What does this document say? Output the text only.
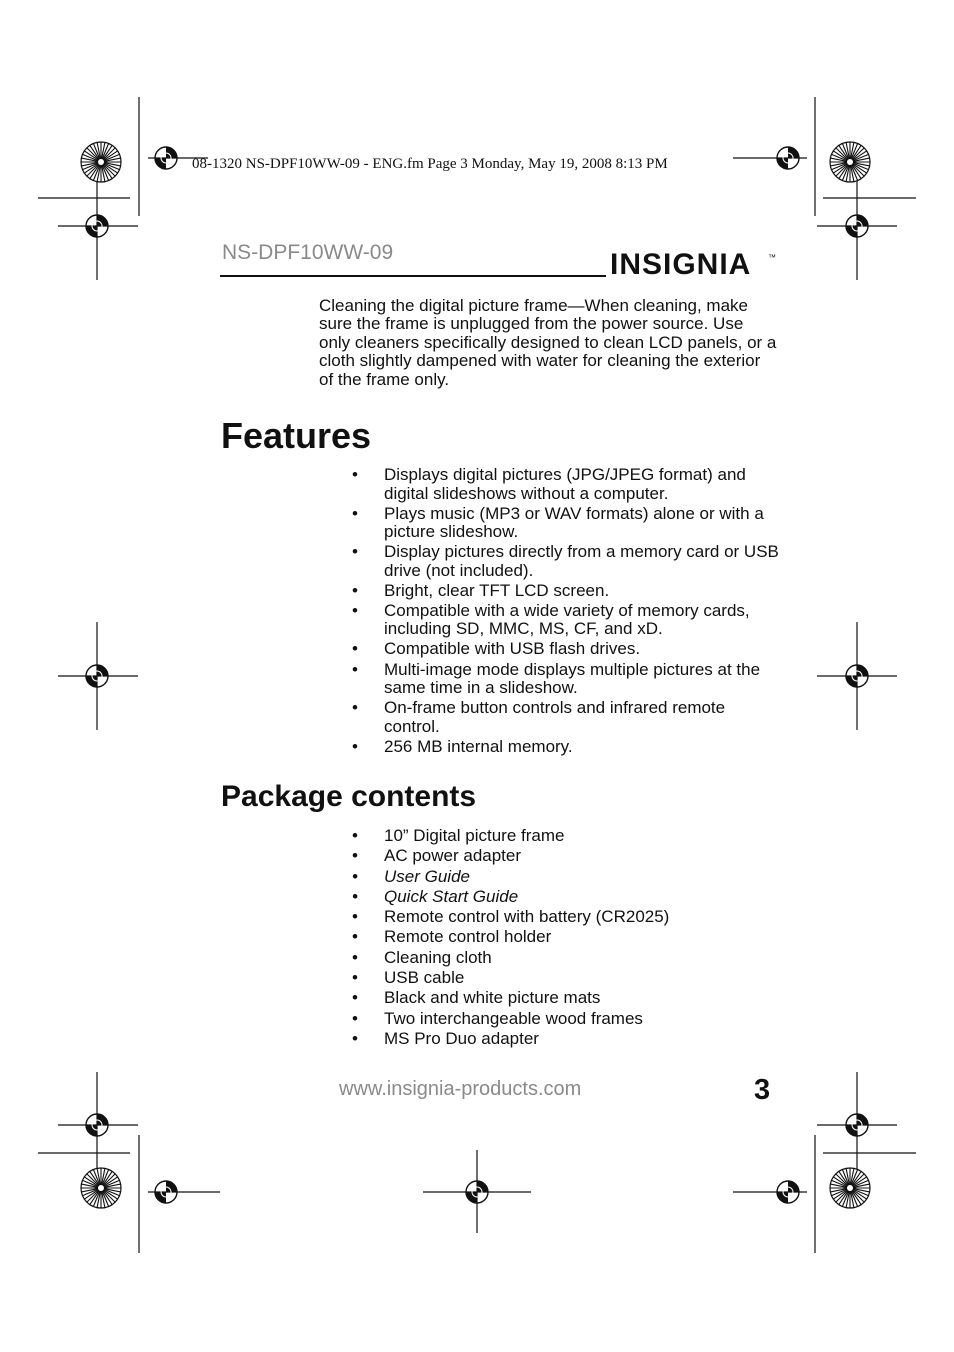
08-1320 NS-DPF10WW-09 - ENG.fm Page 3 Monday, May 19, 2008 8:13 PM
NS-DPF10WW-09	INSIGNIA ™
Cleaning the digital picture frame—When cleaning, make sure the frame is unplugged from the power source. Use only cleaners specifically designed to clean LCD panels, or a cloth slightly dampened with water for cleaning the exterior of the frame only.
Features
• Displays digital pictures (JPG/JPEG format) and digital slideshows without a computer.
• Plays music (MP3 or WAV formats) alone or with a picture slideshow.
• Display pictures directly from a memory card or USB drive (not included).
• Bright, clear TFT LCD screen.
• Compatible with a wide variety of memory cards, including SD, MMC, MS, CF, and xD.
• Compatible with USB flash drives.
• Multi-image mode displays multiple pictures at the same time in a slideshow.
• On-frame button controls and infrared remote control.
• 256 MB internal memory.
Package contents
• 10” Digital picture frame
• AC power adapter
• User Guide
• Quick Start Guide
• Remote control with battery (CR2025)
• Remote control holder
• Cleaning cloth
• USB cable
• Black and white picture mats
• Two interchangeable wood frames
• MS Pro Duo adapter
www.insignia-products.com	3
